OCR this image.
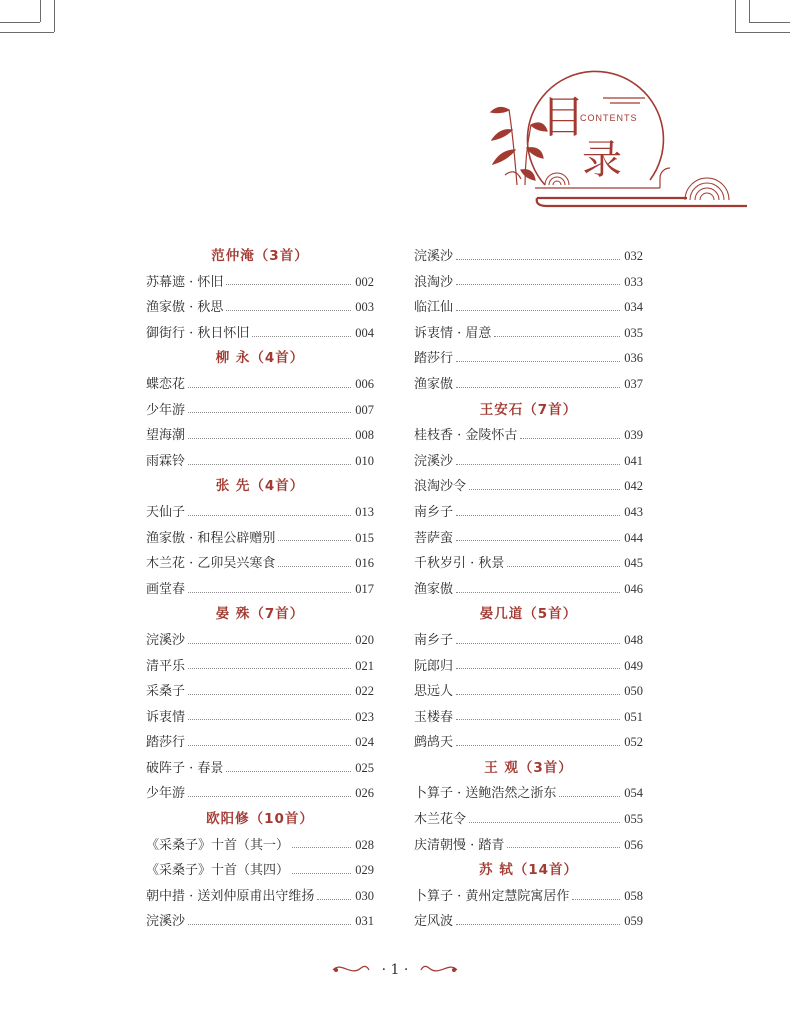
目
录
CONTENTS
范仲淹（3首）
苏幕遮 · 怀旧	002
渔家傲 · 秋思	003
御街行 · 秋日怀旧	004
柳 永（4首）
蝶恋花	006
少年游	007
望海潮	008
雨霖铃	010
张 先（4首）
天仙子	013
渔家傲 · 和程公辟赠别	015
木兰花 · 乙卯吴兴寒食	016
画堂春	017
晏 殊（7首）
浣溪沙	020
清平乐	021
采桑子	022
诉衷情	023
踏莎行	024
破阵子 · 春景	025
少年游	026
欧阳修（10首）
《采桑子》十首（其一）	028
《采桑子》十首（其四）	029
朝中措 · 送刘仲原甫出守维扬	030
浣溪沙	031
浣溪沙	032
浪淘沙	033
临江仙	034
诉衷情 · 眉意	035
踏莎行	036
渔家傲	037
王安石（7首）
桂枝香 · 金陵怀古	039
浣溪沙	041
浪淘沙令	042
南乡子	043
菩萨蛮	044
千秋岁引 · 秋景	045
渔家傲	046
晏几道（5首）
南乡子	048
阮郎归	049
思远人	050
玉楼春	051
鹧鸪天	052
王 观（3首）
卜算子 · 送鲍浩然之浙东	054
木兰花令	055
庆清朝慢 · 踏青	056
苏 轼（14首）
卜算子 · 黄州定慧院寓居作	058
定风波	059
· 1 ·
